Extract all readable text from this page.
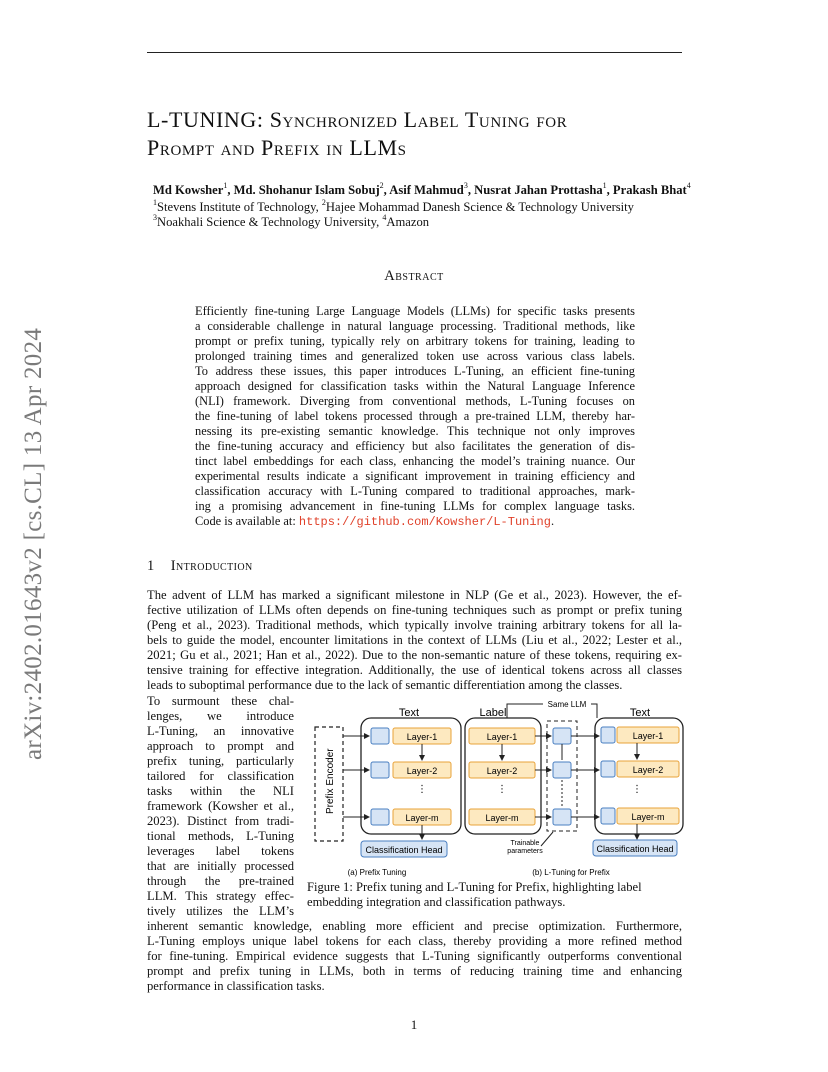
arXiv:2402.01643v2 [cs.CL] 13 Apr 2024
L-TUNING: Synchronized Label Tuning for
Prompt and Prefix in LLMs
Md Kowsher$^1$, Md. Shohanur Islam Sobuj$^2$, Asif Mahmud$^3$, Nusrat Jahan Prottasha$^1$, Prakash Bhat$^4$
$^1$Stevens Institute of Technology, $^2$Hajee Mohammad Danesh Science & Technology University
$^3$Noakhali Science & Technology University, $^4$Amazon
Abstract
Efficiently fine-tuning Large Language Models (LLMs) for specific tasks presents
a considerable challenge in natural language processing. Traditional methods, like
prompt or prefix tuning, typically rely on arbitrary tokens for training, leading to
prolonged training times and generalized token use across various class labels.
To address these issues, this paper introduces L-Tuning, an efficient fine-tuning
approach designed for classification tasks within the Natural Language Inference
(NLI) framework. Diverging from conventional methods, L-Tuning focuses on
the fine-tuning of label tokens processed through a pre-trained LLM, thereby har-
nessing its pre-existing semantic knowledge. This technique not only improves
the fine-tuning accuracy and efficiency but also facilitates the generation of dis-
tinct label embeddings for each class, enhancing the model’s training nuance. Our
experimental results indicate a significant improvement in training efficiency and
classification accuracy with L-Tuning compared to traditional approaches, mark-
ing a promising advancement in fine-tuning LLMs for complex language tasks.
Code is available at: https://github.com/Kowsher/L-Tuning.
1 Introduction
The advent of LLM has marked a significant milestone in NLP (Ge et al., 2023). However, the ef-
fective utilization of LLMs often depends on fine-tuning techniques such as prompt or prefix tuning
(Peng et al., 2023). Traditional methods, which typically involve training arbitrary tokens for all la-
bels to guide the model, encounter limitations in the context of LLMs (Liu et al., 2022; Lester et al.,
2021; Gu et al., 2021; Han et al., 2022). Due to the non-semantic nature of these tokens, requiring ex-
tensive training for effective integration. Additionally, the use of identical tokens across all classes
leads to suboptimal performance due to the lack of semantic differentiation among the classes.
To surmount these chal-
lenges, we introduce
L-Tuning, an innovative
approach to prompt and
prefix tuning, particularly
tailored for classification
tasks within the NLI
framework (Kowsher et al.,
2023). Distinct from tradi-
tional methods, L-Tuning
leverages label tokens
that are initially processed
through the pre-trained
LLM. This strategy effec-
tively utilizes the LLM’s
Text
Prefix Encoder
Layer-1
Layer-2
Layer-m
⋮
Classification Head
(a) Prefix Tuning
Label
Same LLM
Text
Layer-1
Layer-2
Layer-m
⋮
Trainable
parameters
Layer-1
Layer-2
Layer-m
⋮
Classification Head
(b) L-Tuning for Prefix
Figure 1: Prefix tuning and L-Tuning for Prefix, highlighting label
embedding integration and classification pathways.
inherent semantic knowledge, enabling more efficient and precise optimization. Furthermore,
L-Tuning employs unique label tokens for each class, thereby providing a more refined method
for fine-tuning. Empirical evidence suggests that L-Tuning significantly outperforms conventional
prompt and prefix tuning in LLMs, both in terms of reducing training time and enhancing
performance in classification tasks.
1
